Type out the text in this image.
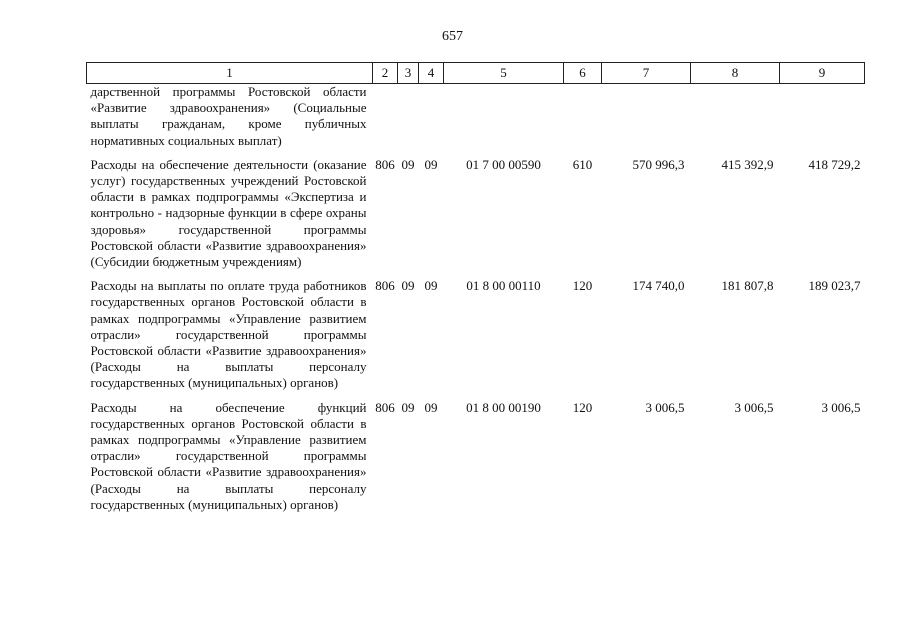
657
1	2	3	4	5	6	7	8	9
дарственной программы Ростовской области «Развитие здравоохранения» (Социальные выплаты гражданам, кроме публичных нормативных социальных выплат)								
Расходы на обеспечение деятельности (оказание услуг) государственных учреждений Ростовской области в рамках подпрограммы «Экспертиза и контрольно - надзорные функции в сфере охраны здоровья» государственной программы Ростовской области «Развитие здравоохранения» (Субсидии бюджетным учреждениям)	806	09	09	01 7 00 00590	610	570 996,3	415 392,9	418 729,2
Расходы на выплаты по оплате труда работников государственных органов Ростовской области в рамках подпрограммы «Управление развитием отрасли» государственной программы Ростовской области «Развитие здравоохранения» (Расходы на выплаты персоналу государственных (муниципальных) органов)	806	09	09	01 8 00 00110	120	174 740,0	181 807,8	189 023,7
Расходы на обеспечение функций государственных органов Ростовской области в рамках подпрограммы «Управление развитием отрасли» государственной программы Ростовской области «Развитие здравоохранения» (Расходы на выплаты персоналу государственных (муниципальных) органов)	806	09	09	01 8 00 00190	120	3 006,5	3 006,5	3 006,5
